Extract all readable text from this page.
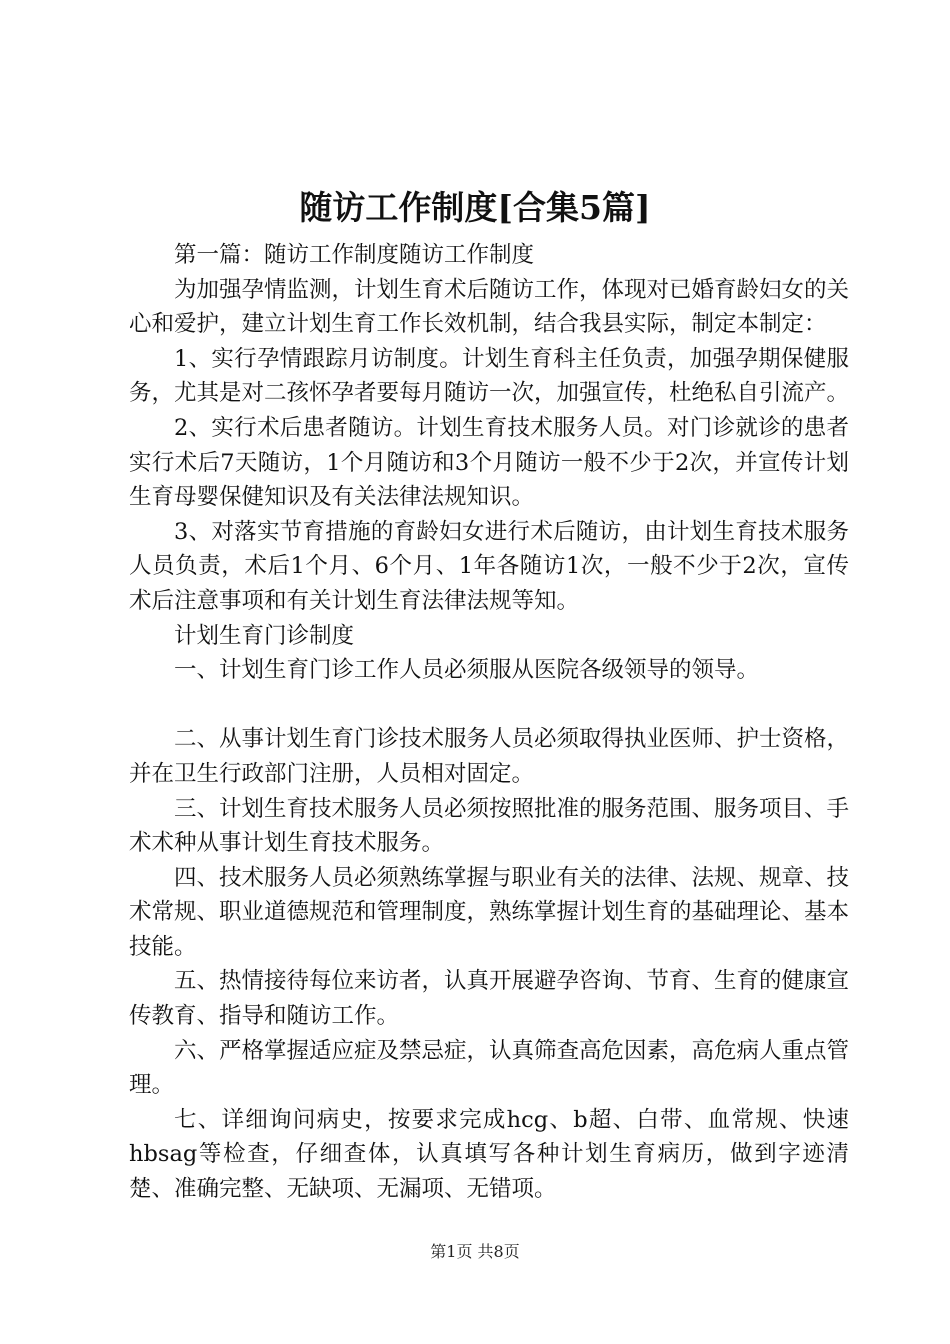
随访工作制度[合集5篇]

第一篇：随访工作制度随访工作制度

为加强孕情监测，计划生育术后随访工作，体现对已婚育龄妇女的关心和爱护，建立计划生育工作长效机制，结合我县实际，制定本制定：

1、实行孕情跟踪月访制度。计划生育科主任负责，加强孕期保健服务，尤其是对二孩怀孕者要每月随访一次，加强宣传，杜绝私自引流产。

2、实行术后患者随访。计划生育技术服务人员。对门诊就诊的患者实行术后7天随访，1个月随访和3个月随访一般不少于2次，并宣传计划生育母婴保健知识及有关法律法规知识。

3、对落实节育措施的育龄妇女进行术后随访，由计划生育技术服务人员负责，术后1个月、6个月、1年各随访1次，一般不少于2次，宣传术后注意事项和有关计划生育法律法规等知。

计划生育门诊制度

一、计划生育门诊工作人员必须服从医院各级领导的领导。

二、从事计划生育门诊技术服务人员必须取得执业医师、护士资格，并在卫生行政部门注册，人员相对固定。

三、计划生育技术服务人员必须按照批准的服务范围、服务项目、手术术种从事计划生育技术服务。

四、技术服务人员必须熟练掌握与职业有关的法律、法规、规章、技术常规、职业道德规范和管理制度，熟练掌握计划生育的基础理论、基本技能。

五、热情接待每位来访者，认真开展避孕咨询、节育、生育的健康宣传教育、指导和随访工作。

六、严格掌握适应症及禁忌症，认真筛查高危因素，高危病人重点管理。

七、详细询问病史，按要求完成hcg、b超、白带、血常规、快速hbsag等检查，仔细查体，认真填写各种计划生育病历，做到字迹清楚、准确完整、无缺项、无漏项、无错项。

第1页 共8页
